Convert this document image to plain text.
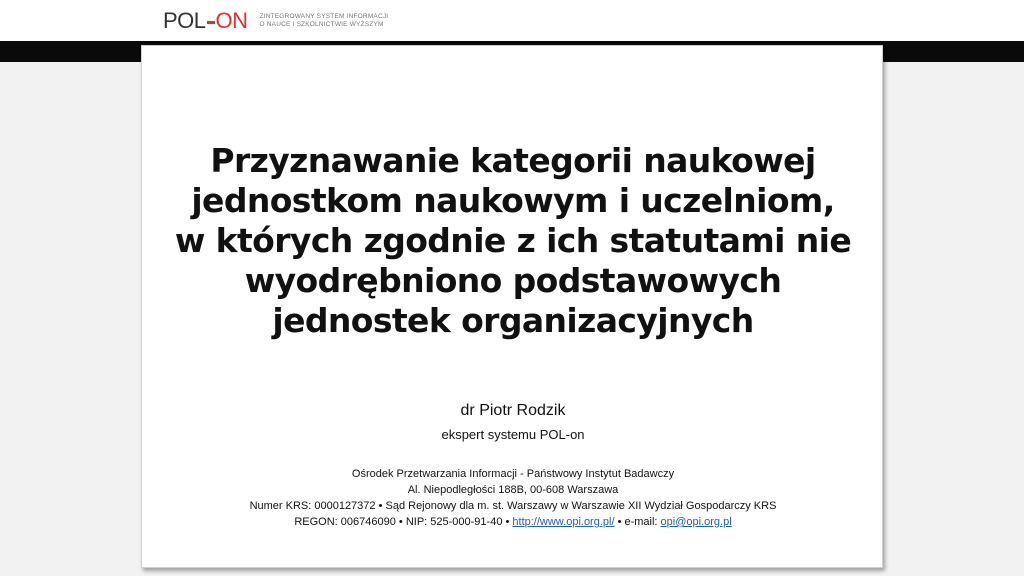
POL ON ZINTEGROWANY SYSTEM INFORMACJI
O NAUCE I SZKOLNICTWIE WYŻSZYM
Przyznawanie kategorii naukowej
jednostkom naukowym i uczelniom,
w których zgodnie z ich statutami nie
wyodrębniono podstawowych
jednostek organizacyjnych
dr Piotr Rodzik
ekspert systemu POL-on
Ośrodek Przetwarzania Informacji - Państwowy Instytut Badawczy
Al. Niepodległości 188B, 00-608 Warszawa
Numer KRS: 0000127372 • Sąd Rejonowy dla m. st. Warszawy w Warszawie XII Wydział Gospodarczy KRS
REGON: 006746090 • NIP: 525-000-91-40 • http://www.opi.org.pl/ • e-mail: opi@opi.org.pl
